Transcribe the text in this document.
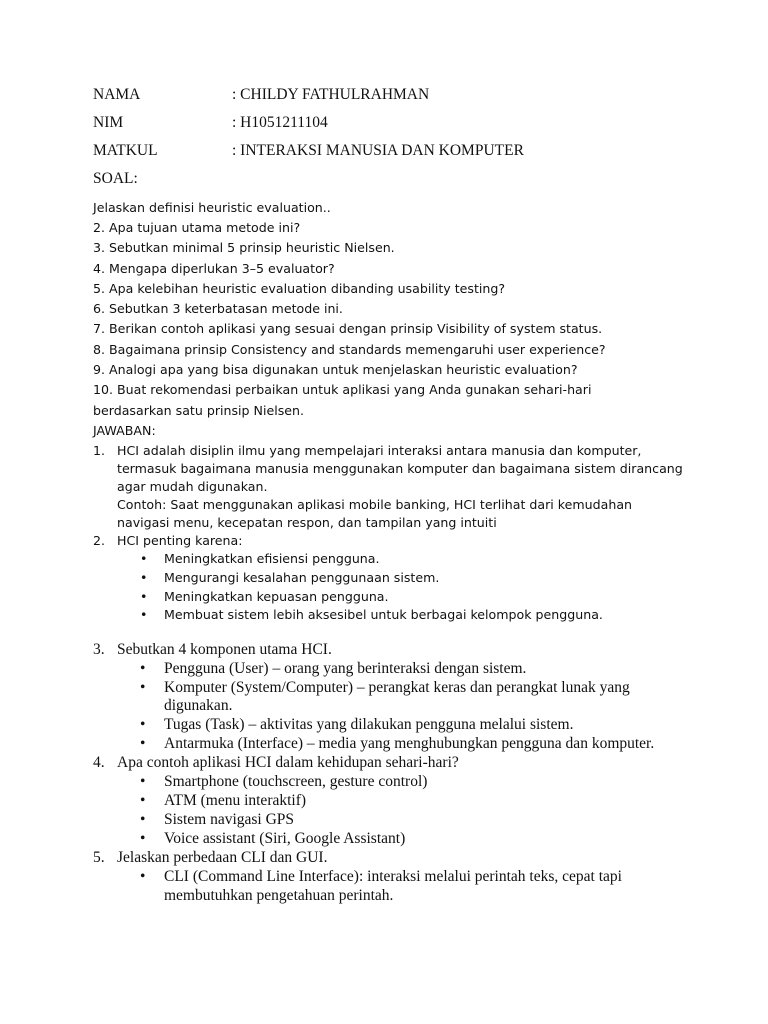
NAMA	: CHILDY FATHULRAHMAN
NIM	: H1051211104
MATKUL	: INTERAKSI MANUSIA DAN KOMPUTER
SOAL:
Jelaskan definisi heuristic evaluation..
2. Apa tujuan utama metode ini?
3. Sebutkan minimal 5 prinsip heuristic Nielsen.
4. Mengapa diperlukan 3–5 evaluator?
5. Apa kelebihan heuristic evaluation dibanding usability testing?
6. Sebutkan 3 keterbatasan metode ini.
7. Berikan contoh aplikasi yang sesuai dengan prinsip Visibility of system status.
8. Bagaimana prinsip Consistency and standards memengaruhi user experience?
9. Analogi apa yang bisa digunakan untuk menjelaskan heuristic evaluation?
10. Buat rekomendasi perbaikan untuk aplikasi yang Anda gunakan sehari-hari
berdasarkan satu prinsip Nielsen.
JAWABAN:
1. HCI adalah disiplin ilmu yang mempelajari interaksi antara manusia dan komputer,
termasuk bagaimana manusia menggunakan komputer dan bagaimana sistem dirancang
agar mudah digunakan.
Contoh: Saat menggunakan aplikasi mobile banking, HCI terlihat dari kemudahan
navigasi menu, kecepatan respon, dan tampilan yang intuiti
2. HCI penting karena:
• Meningkatkan efisiensi pengguna.
• Mengurangi kesalahan penggunaan sistem.
• Meningkatkan kepuasan pengguna.
• Membuat sistem lebih aksesibel untuk berbagai kelompok pengguna.
3. Sebutkan 4 komponen utama HCI.
• Pengguna (User) – orang yang berinteraksi dengan sistem.
• Komputer (System/Computer) – perangkat keras dan perangkat lunak yang
digunakan.
• Tugas (Task) – aktivitas yang dilakukan pengguna melalui sistem.
• Antarmuka (Interface) – media yang menghubungkan pengguna dan komputer.
4. Apa contoh aplikasi HCI dalam kehidupan sehari-hari?
• Smartphone (touchscreen, gesture control)
• ATM (menu interaktif)
• Sistem navigasi GPS
• Voice assistant (Siri, Google Assistant)
5. Jelaskan perbedaan CLI dan GUI.
• CLI (Command Line Interface): interaksi melalui perintah teks, cepat tapi
membutuhkan pengetahuan perintah.
